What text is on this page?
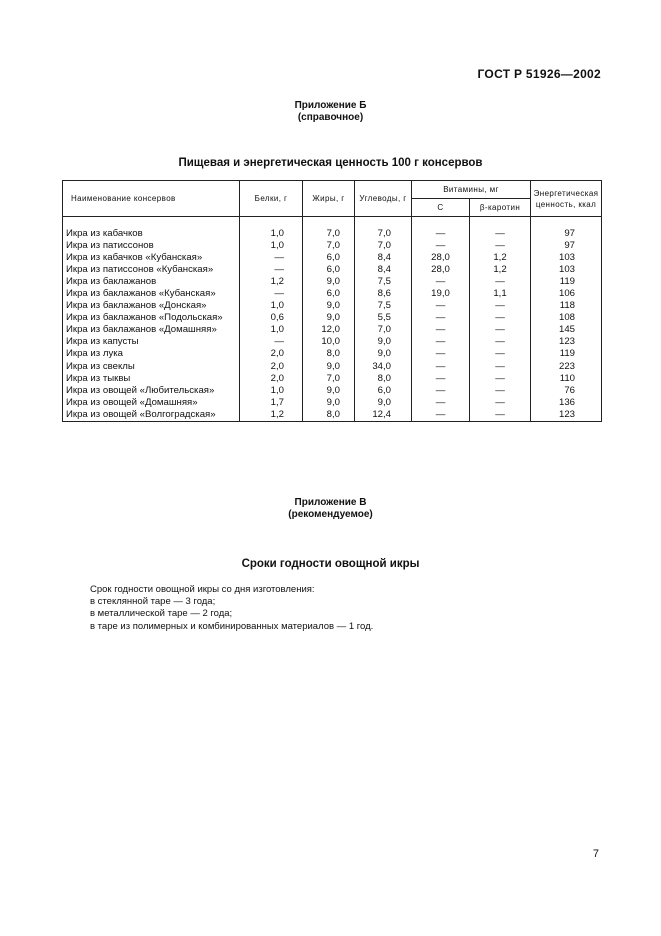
ГОСТ Р 51926—2002
Приложение Б
(справочное)
Пищевая и энергетическая ценность 100 г консервов
Наименование консервов	Белки, г	Жиры, г	Углеводы, г	Витамины, мг		Энергетическая ценность, ккал
				С	β-каротин	

Икра из кабачков	1,0	7,0	7,0	—	—	97
Икра из патиссонов	1,0	7,0	7,0	—	—	97
Икра из кабачков «Кубанская»	—	6,0	8,4	28,0	1,2	103
Икра из патиссонов «Кубанская»	—	6,0	8,4	28,0	1,2	103
Икра из баклажанов	1,2	9,0	7,5	—	—	119
Икра из баклажанов «Кубанская»	—	6,0	8,6	19,0	1,1	106
Икра из баклажанов «Донская»	1,0	9,0	7,5	—	—	118
Икра из баклажанов «Подольская»	0,6	9,0	5,5	—	—	108
Икра из баклажанов «Домашняя»	1,0	12,0	7,0	—	—	145
Икра из капусты	—	10,0	9,0	—	—	123
Икра из лука	2,0	8,0	9,0	—	—	119
Икра из свеклы	2,0	9,0	34,0	—	—	223
Икра из тыквы	2,0	7,0	8,0	—	—	110
Икра из овощей «Любительская»	1,0	9,0	6,0	—	—	76
Икра из овощей «Домашняя»	1,7	9,0	9,0	—	—	136
Икра из овощей «Волгоградская»	1,2	8,0	12,4	—	—	123
Приложение В
(рекомендуемое)
Сроки годности овощной икры
Срок годности овощной икры со дня изготовления:
в стеклянной таре — 3 года;
в металлической таре — 2 года;
в таре из полимерных и комбинированных материалов — 1 год.
7
